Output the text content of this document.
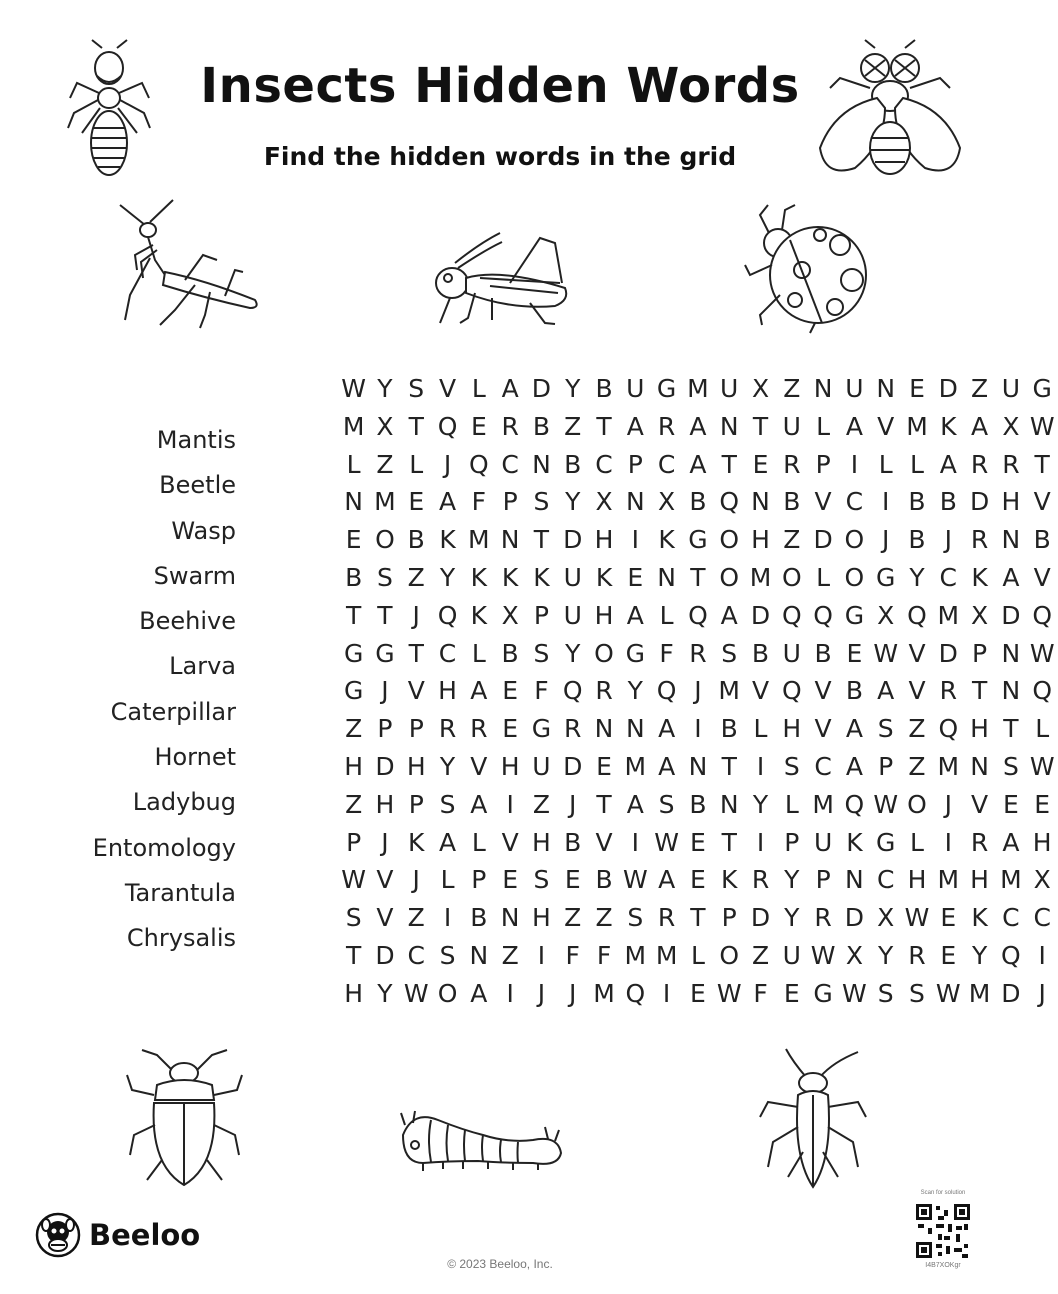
Insects Hidden Words
Find the hidden words in the grid
Mantis
Beetle
Wasp
Swarm
Beehive
Larva
Caterpillar
Hornet
Ladybug
Entomology
Tarantula
Chrysalis
W Y S V L A D Y B U G M U X Z N U N E D Z U G
M X T Q E R B Z T A R A N T U L A V M K A X W
L Z L J Q C N B C P C A T E R P I L L A R R T
N M E A F P S Y X N X B Q N B V C I B B D H V
E O B K M N T D H I K G O H Z D O J B J R N B
B S Z Y K K K U K E N T O M O L O G Y C K A V
T T J Q K X P U H A L Q A D Q Q G X Q M X D Q
G G T C L B S Y O G F R S B U B E W V D P N W
G J V H A E F Q R Y Q J M V Q V B A V R T N Q
Z P P R R E G R N N A I B L H V A S Z Q H T L
H D H Y V H U D E M A N T I S C A P Z M N S W
Z H P S A I Z J T A S B N Y L M Q W O J V E E
P J K A L V H B V I W E T I P U K G L I R A H
W V J L P E S E B W A E K R Y P N C H M H M X
S V Z I B N H Z Z S R T P D Y R D X W E K C C
T D C S N Z I F F M M L O Z U W X Y R E Y Q I
H Y W O A I J J M Q I E W F E G W S S W M D J
Beeloo
© 2023 Beeloo, Inc.
Scan for solution
I4B7XOKgr
